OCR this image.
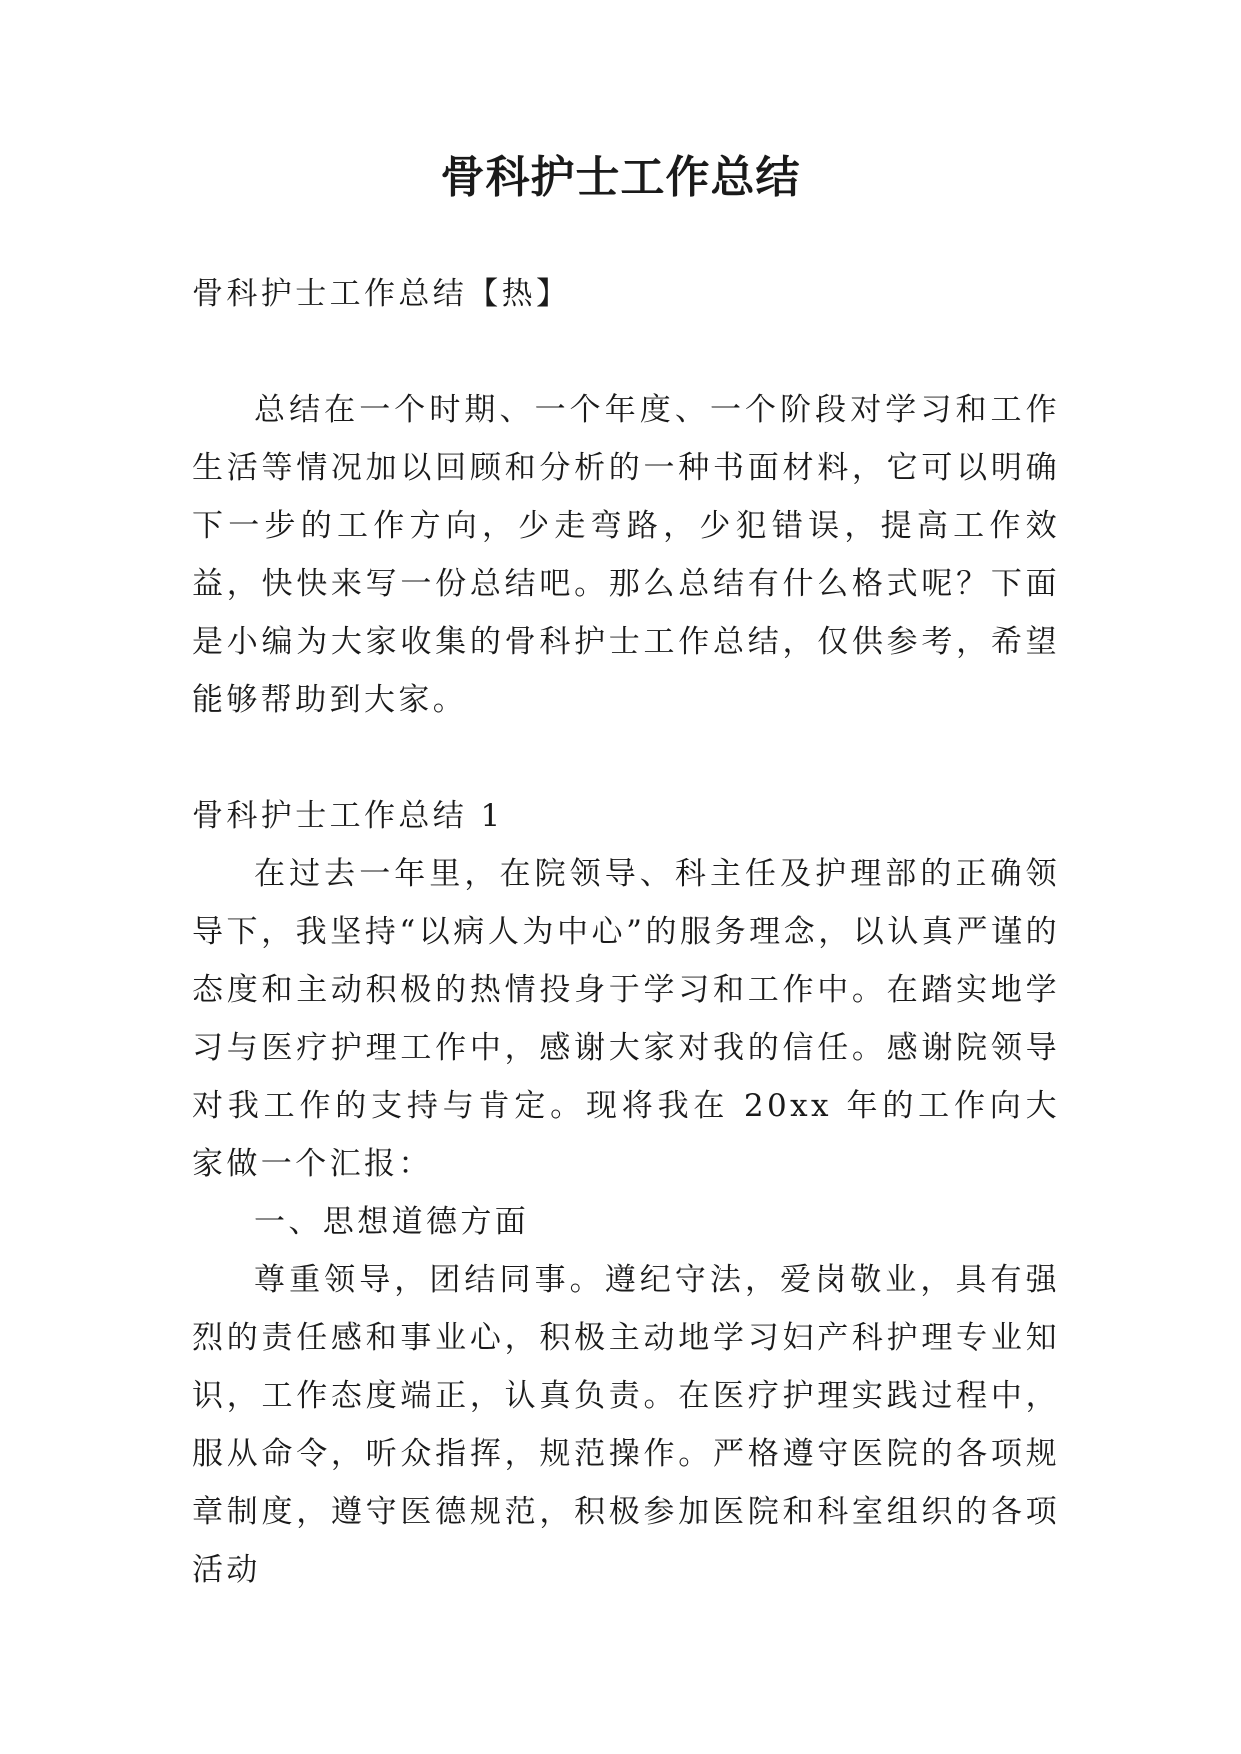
骨科护士工作总结

骨科护士工作总结【热】

总结在一个时期、一个年度、一个阶段对学习和工作生活等情况加以回顾和分析的一种书面材料，它可以明确下一步的工作方向，少走弯路，少犯错误，提高工作效益，快快来写一份总结吧。那么总结有什么格式呢？下面是小编为大家收集的骨科护士工作总结，仅供参考，希望能够帮助到大家。

骨科护士工作总结 1

在过去一年里，在院领导、科主任及护理部的正确领导下，我坚持“以病人为中心”的服务理念，以认真严谨的态度和主动积极的热情投身于学习和工作中。在踏实地学习与医疗护理工作中，感谢大家对我的信任。感谢院领导对我工作的支持与肯定。现将我在 20xx 年的工作向大家做一个汇报：

一、思想道德方面

尊重领导，团结同事。遵纪守法，爱岗敬业，具有强烈的责任感和事业心，积极主动地学习妇产科护理专业知识，工作态度端正，认真负责。在医疗护理实践过程中，服从命令，听众指挥，规范操作。严格遵守医院的各项规章制度，遵守医德规范，积极参加医院和科室组织的各项活动
